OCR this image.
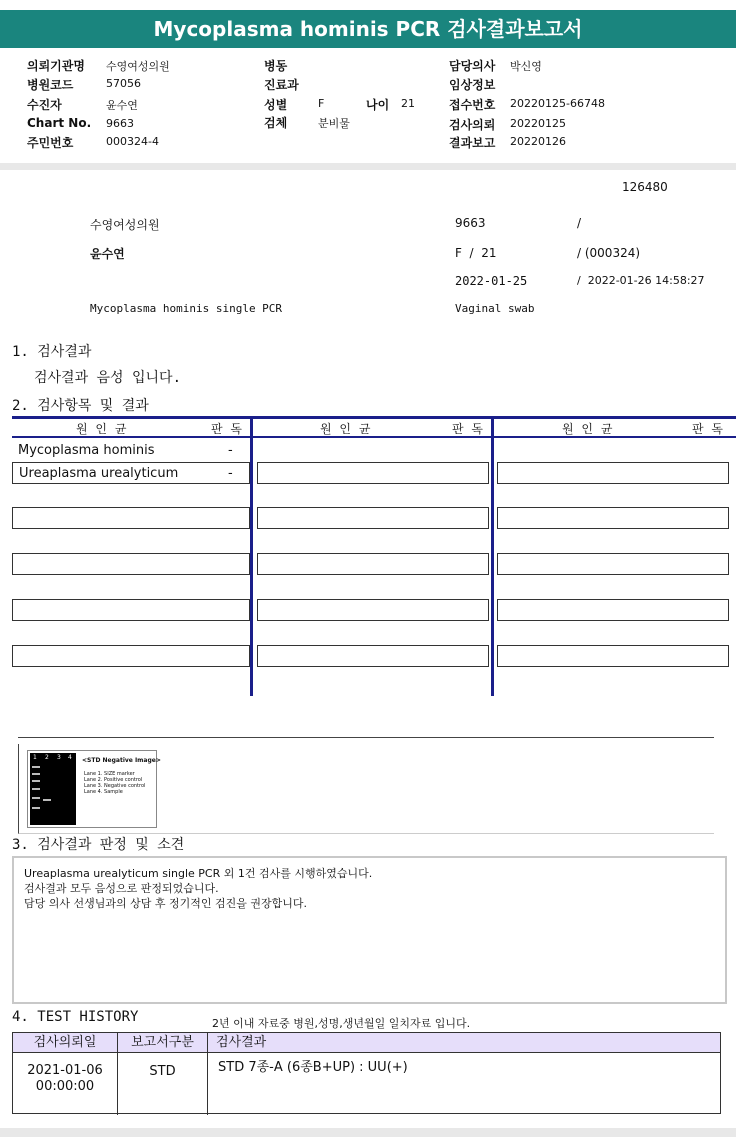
Mycoplasma hominis PCR 검사결과보고서
의뢰기관명 수영여성의원
병원코드	57056
수진자	윤수연
Chart No. 9663
주민번호	000324-4
병동
진료과
성별	F	나이 21
검체	분비물
담당의사 박신영
임상정보
접수번호 20220125-66748
검사의뢰 20220125
결과보고 20220126
126480
수영여성의원	9663	/
윤수연	F  /  21	/ (000324)
2022-01-25	/  2022-01-26 14:58:27
Mycoplasma hominis single PCR	Vaginal swab
1. 검사결과
검사결과 음성 입니다.
2. 검사항목 및 결과
원 인 균	판 독	원 인 균	판 독	원 인 균	판 독
Mycoplasma hominis	-
Ureaplasma urealyticum	-
1 2 3 4 <STD Negative Image>
Lane 1. SIZE marker
Lane 2. Positive control
Lane 3. Negative control
Lane 4. Sample
3. 검사결과 판정 및 소견
Ureaplasma urealyticum single PCR 외 1건 검사를 시행하였습니다.
검사결과 모두 음성으로 판정되었습니다.
담당 의사 선생님과의 상담 후 정기적인 검진을 권장합니다.
4. TEST HISTORY	2년 이내 자료중 병원,성명,생년월일 일치자료 입니다.
검사의뢰일	보고서구분	검사결과
2021-01-06
00:00:00
STD	STD 7종-A (6종B+UP) : UU(+)
